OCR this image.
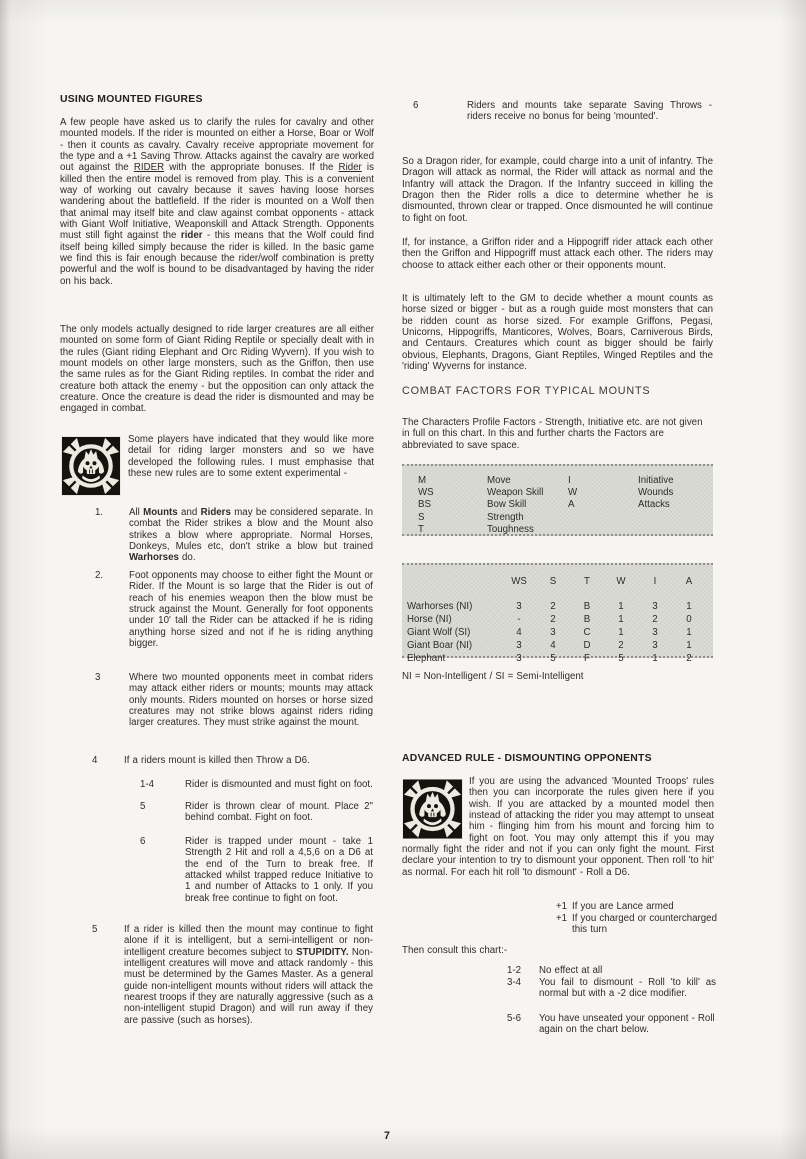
USING MOUNTED FIGURES

A few people have asked us to clarify the rules for cavalry and other mounted models. If the rider is mounted on either a Horse, Boar or Wolf - then it counts as cavalry. Cavalry receive appropriate movement for the type and a +1 Saving Throw. Attacks against the cavalry are worked out against the RIDER with the appropriate bonuses. If the Rider is killed then the entire model is removed from play. This is a convenient way of working out cavalry because it saves having loose horses wandering about the battlefield. If the rider is mounted on a Wolf then that animal may itself bite and claw against combat opponents - attack with Giant Wolf Initiative, Weaponskill and Attack Strength. Opponents must still fight against the rider - this means that the Wolf could find itself being killed simply because the rider is killed. In the basic game we find this is fair enough because the rider/wolf combination is pretty powerful and the wolf is bound to be disadvantaged by having the rider on his back.

The only models actually designed to ride larger creatures are all either mounted on some form of Giant Riding Reptile or specially dealt with in the rules (Giant riding Elephant and Orc Riding Wyvern). If you wish to mount models on other large monsters, such as the Griffon, then use the same rules as for the Giant Riding reptiles. In combat the rider and creature both attack the enemy - but the opposition can only attack the creature. Once the creature is dead the rider is dismounted and may be engaged in combat.

Some players have indicated that they would like more detail for riding larger monsters and so we have developed the following rules. I must emphasise that these new rules are to some extent experimental -
1.	All Mounts and Riders may be considered separate. In combat the Rider strikes a blow and the Mount also strikes a blow where appropriate. Normal Horses, Donkeys, Mules etc, don't strike a blow but trained Warhorses do.

2.	Foot opponents may choose to either fight the Mount or Rider. If the Mount is so large that the Rider is out of reach of his enemies weapon then the blow must be struck against the Mount. Generally for foot opponents under 10' tall the Rider can be attacked if he is riding anything horse sized and not if he is riding anything bigger.

3	Where two mounted opponents meet in combat riders may attack either riders or mounts; mounts may attack only mounts. Riders mounted on horses or horse sized creatures may not strike blows against riders riding larger creatures. They must strike against the mount.

4	If a riders mount is killed then Throw a D6.

1-4	Rider is dismounted and must fight on foot.

5	Rider is thrown clear of mount. Place 2" behind combat. Fight on foot.

6	Rider is trapped under mount - take 1 Strength 2 Hit and roll a 4,5,6 on a D6 at the end of the Turn to break free. If attacked whilst trapped reduce Initiative to 1 and number of Attacks to 1 only. If you break free continue to fight on foot.

5	If a rider is killed then the mount may continue to fight alone if it is intelligent, but a semi-intelligent or non-intelligent creature becomes subject to STUPIDITY. Non-intelligent creatures will move and attack randomly - this must be determined by the Games Master. As a general guide non-intelligent mounts without riders will attack the nearest troops if they are naturally aggressive (such as a non-intelligent stupid Dragon) and will run away if they are passive (such as horses).

6	Riders and mounts take separate Saving Throws - riders receive no bonus for being 'mounted'.

So a Dragon rider, for example, could charge into a unit of infantry. The Dragon will attack as normal, the Rider will attack as normal and the Infantry will attack the Dragon. If the Infantry succeed in killing the Dragon then the Rider rolls a dice to determine whether he is dismounted, thrown clear or trapped. Once dismounted he will continue to fight on foot.

If, for instance, a Griffon rider and a Hippogriff rider attack each other then the Griffon and Hippogriff must attack each other. The riders may choose to attack either each other or their opponents mount.

It is ultimately left to the GM to decide whether a mount counts as horse sized or bigger - but as a rough guide most monsters that can be ridden count as horse sized. For example Griffons, Pegasi, Unicorns, Hippogriffs, Manticores, Wolves, Boars, Carniverous Birds, and Centaurs. Creatures which count as bigger should be fairly obvious, Elephants, Dragons, Giant Reptiles, Winged Reptiles and the 'riding' Wyverns for instance.

COMBAT FACTORS FOR TYPICAL MOUNTS

The Characters Profile Factors - Strength, Initiative etc. are not given in full on this chart. In this and further charts the Factors are abbreviated to save space.

M	Move	I	Initiative
WS	Weapon Skill	W	Wounds
BS	Bow Skill	A	Attacks
S	Strength
T	Toughness
WS	S	T	W	I	A
Warhorses (NI)	3	2	B	1	3	1
Horse (NI)	-	2	B	1	2	0
Giant Wolf (SI)	4	3	C	1	3	1
Giant Boar (NI)	3	4	D	2	3	1
Elephant	3	5	F	5	1	2
NI = Non-Intelligent / SI = Semi-Intelligent
ADVANCED RULE - DISMOUNTING OPPONENTS
If you are using the advanced 'Mounted Troops' rules then you can incorporate the rules given here if you wish. If you are attacked by a mounted model then instead of attacking the rider you may attempt to unseat him - flinging him from his mount and forcing him to fight on foot. You may only attempt this if you may normally fight the rider and not if you can only fight the mount. First declare your intention to try to dismount your opponent. Then roll 'to hit' as normal. For each hit roll 'to dismount' - Roll a D6.
+1 If you are Lance armed

+1 If you charged or countercharged this turn

Then consult this chart:-
1-2 No effect at all

3-4 You fail to dismount - Roll 'to kill' as normal but with a -2 dice modifier.

5-6 You have unseated your opponent - Roll again on the chart below.

7
